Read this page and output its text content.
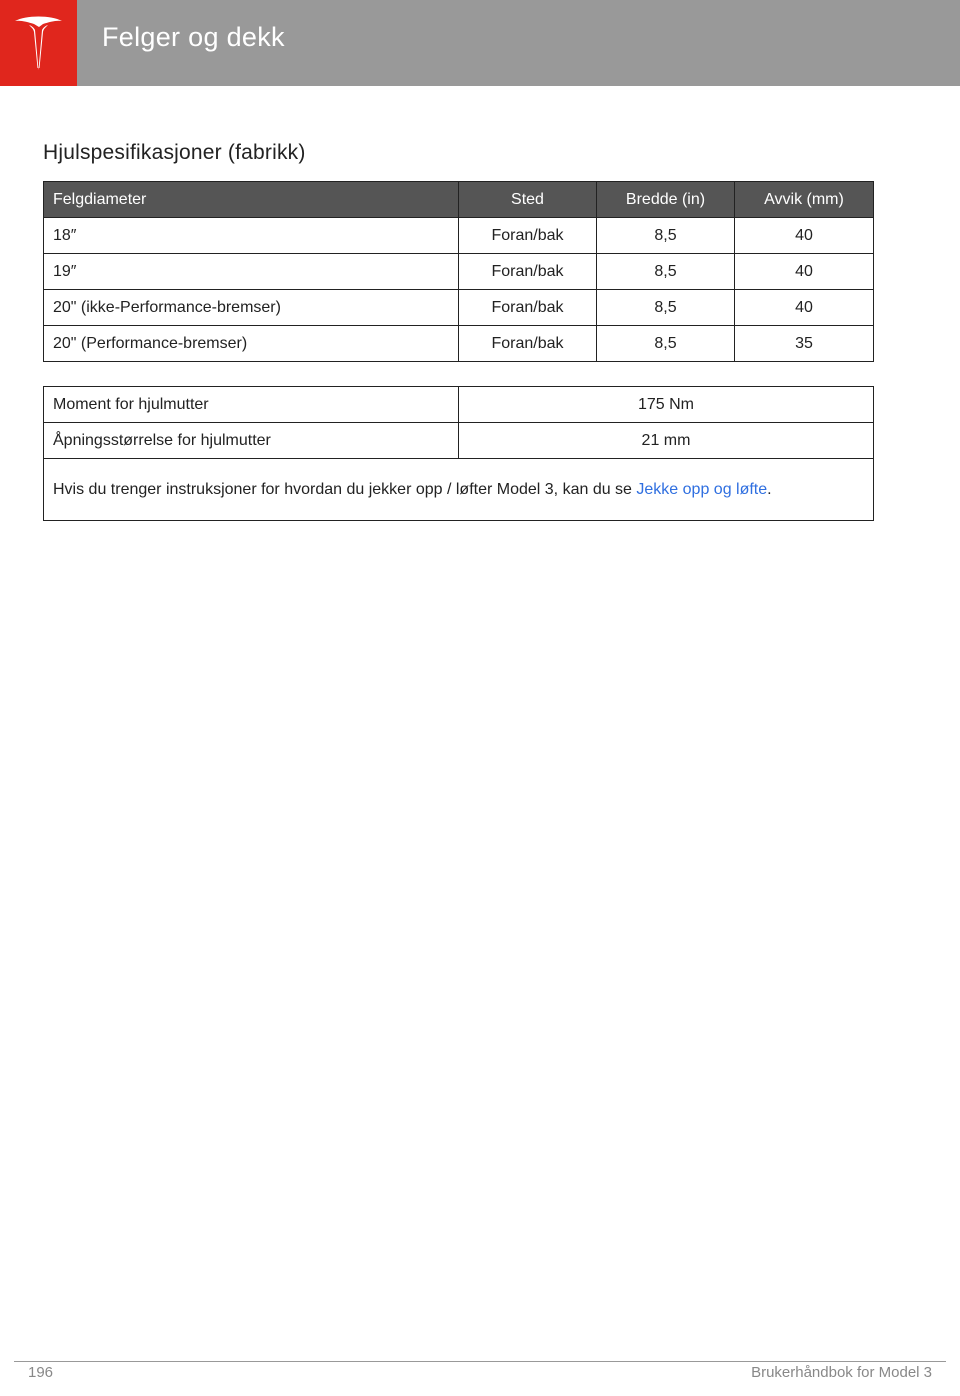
Felger og dekk
Hjulspesifikasjoner (fabrikk)
Felgdiameter	Sted	Bredde (in)	Avvik (mm)
18″	Foran/bak	8,5	40
19″	Foran/bak	8,5	40
20" (ikke-Performance-bremser)	Foran/bak	8,5	40
20" (Performance-bremser)	Foran/bak	8,5	35
Moment for hjulmutter	175 Nm
Åpningsstørrelse for hjulmutter	21 mm
Hvis du trenger instruksjoner for hvordan du jekker opp / løfter Model 3, kan du se Jekke opp og løfte.	
196	Brukerhåndbok for Model 3
